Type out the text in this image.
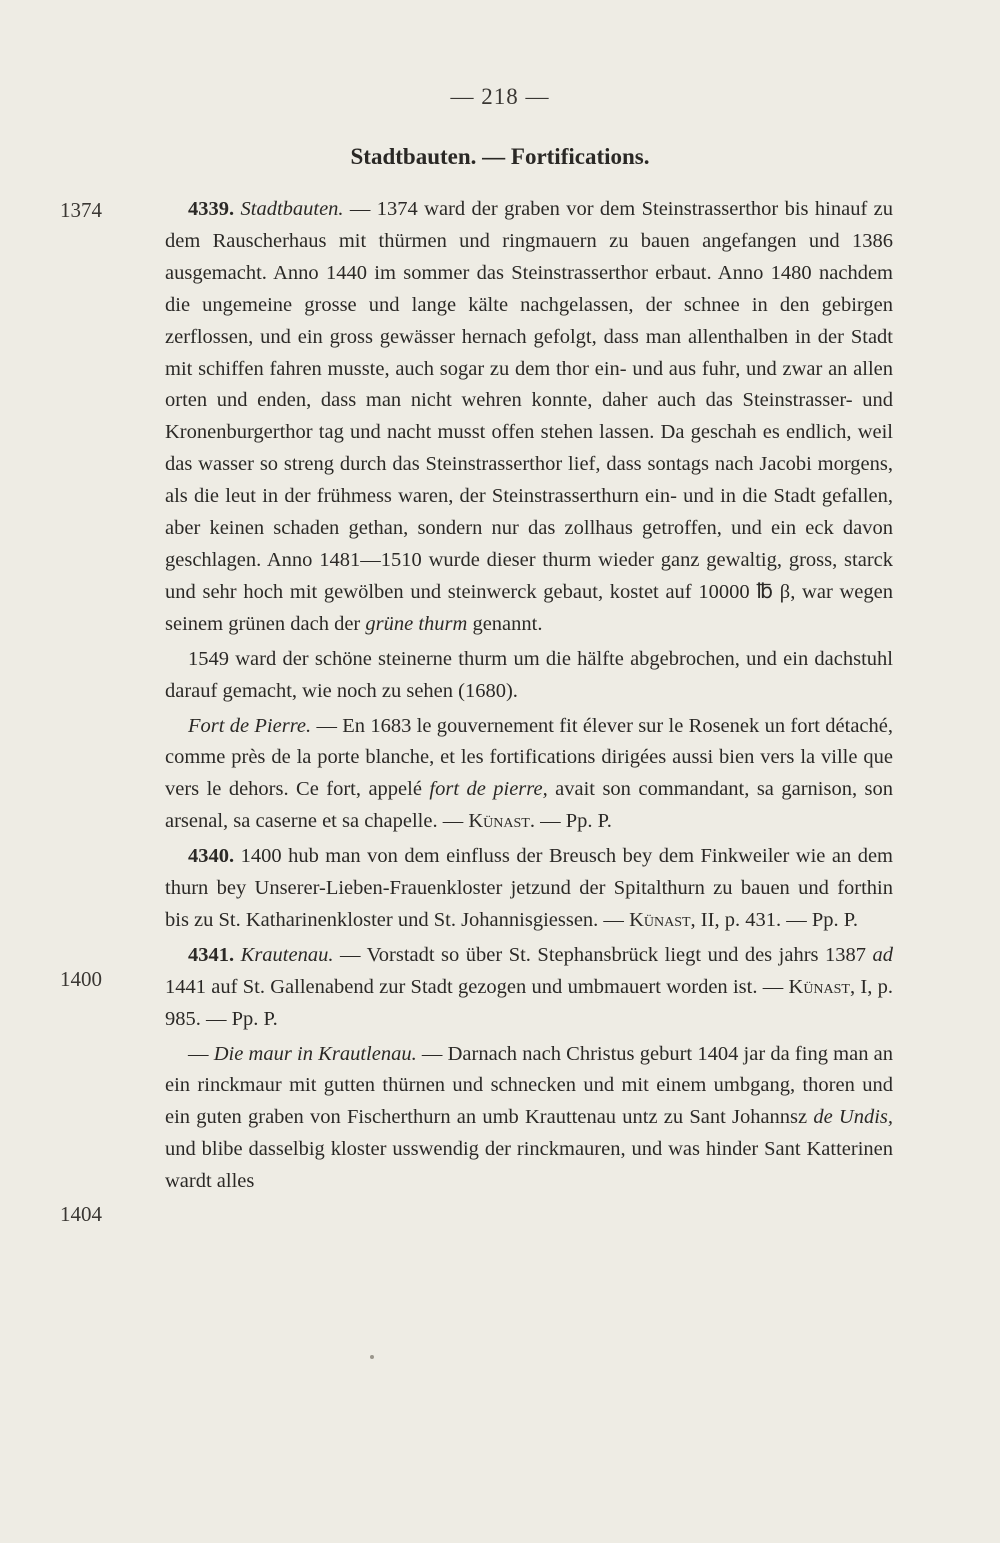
— 218 —
Stadtbauten. — Fortifications.
1374
1400
1404

4339. Stadtbauten. — 1374 ward der graben vor dem Steinstrasserthor bis hinauf zu dem Rauscherhaus mit thürmen und ringmauern zu bauen angefangen und 1386 ausgemacht. Anno 1440 im sommer das Steinstrasserthor erbaut. Anno 1480 nachdem die ungemeine grosse und lange kälte nachgelassen, der schnee in den gebirgen zerflossen, und ein gross gewässer hernach gefolgt, dass man allenthalben in der Stadt mit schiffen fahren musste, auch sogar zu dem thor ein- und aus fuhr, und zwar an allen orten und enden, dass man nicht wehren konnte, daher auch das Steinstrasser- und Kronenburgerthor tag und nacht musst offen stehen lassen. Da geschah es endlich, weil das wasser so streng durch das Steinstrasserthor lief, dass sontags nach Jacobi morgens, als die leut in der frühmess waren, der Steinstrasserthurn ein- und in die Stadt gefallen, aber keinen schaden gethan, sondern nur das zollhaus getroffen, und ein eck davon geschlagen. Anno 1481—1510 wurde dieser thurm wieder ganz gewaltig, gross, starck und sehr hoch mit gewölben und steinwerck gebaut, kostet auf 10000 ℔ β, war wegen seinem grünen dach der grüne thurm genannt.

1549 ward der schöne steinerne thurm um die hälfte abgebrochen, und ein dachstuhl darauf gemacht, wie noch zu sehen (1680).

Fort de Pierre. — En 1683 le gouvernement fit élever sur le Rosenek un fort détaché, comme près de la porte blanche, et les fortifications dirigées aussi bien vers la ville que vers le dehors. Ce fort, appelé fort de pierre, avait son commandant, sa garnison, son arsenal, sa caserne et sa chapelle. — Künast. — Pp. P.

4340. 1400 hub man von dem einfluss der Breusch bey dem Finkweiler wie an dem thurn bey Unserer-Lieben-Frauenkloster jetzund der Spitalthurn zu bauen und forthin bis zu St. Katharinenkloster und St. Johannisgiessen. — Künast, II, p. 431. — Pp. P.

4341. Krautenau. — Vorstadt so über St. Stephansbrück liegt und des jahrs 1387 ad 1441 auf St. Gallenabend zur Stadt gezogen und umbmauert worden ist. — Künast, I, p. 985. — Pp. P.

— Die maur in Krautlenau. — Darnach nach Christus geburt 1404 jar da fing man an ein rinckmaur mit gutten thürnen und schnecken und mit einem umbgang, thoren und ein guten graben von Fischerthurn an umb Krauttenau untz zu Sant Johannsz de Undis, und blibe dasselbig kloster usswendig der rinckmauren, und was hinder Sant Katterinen wardt alles
